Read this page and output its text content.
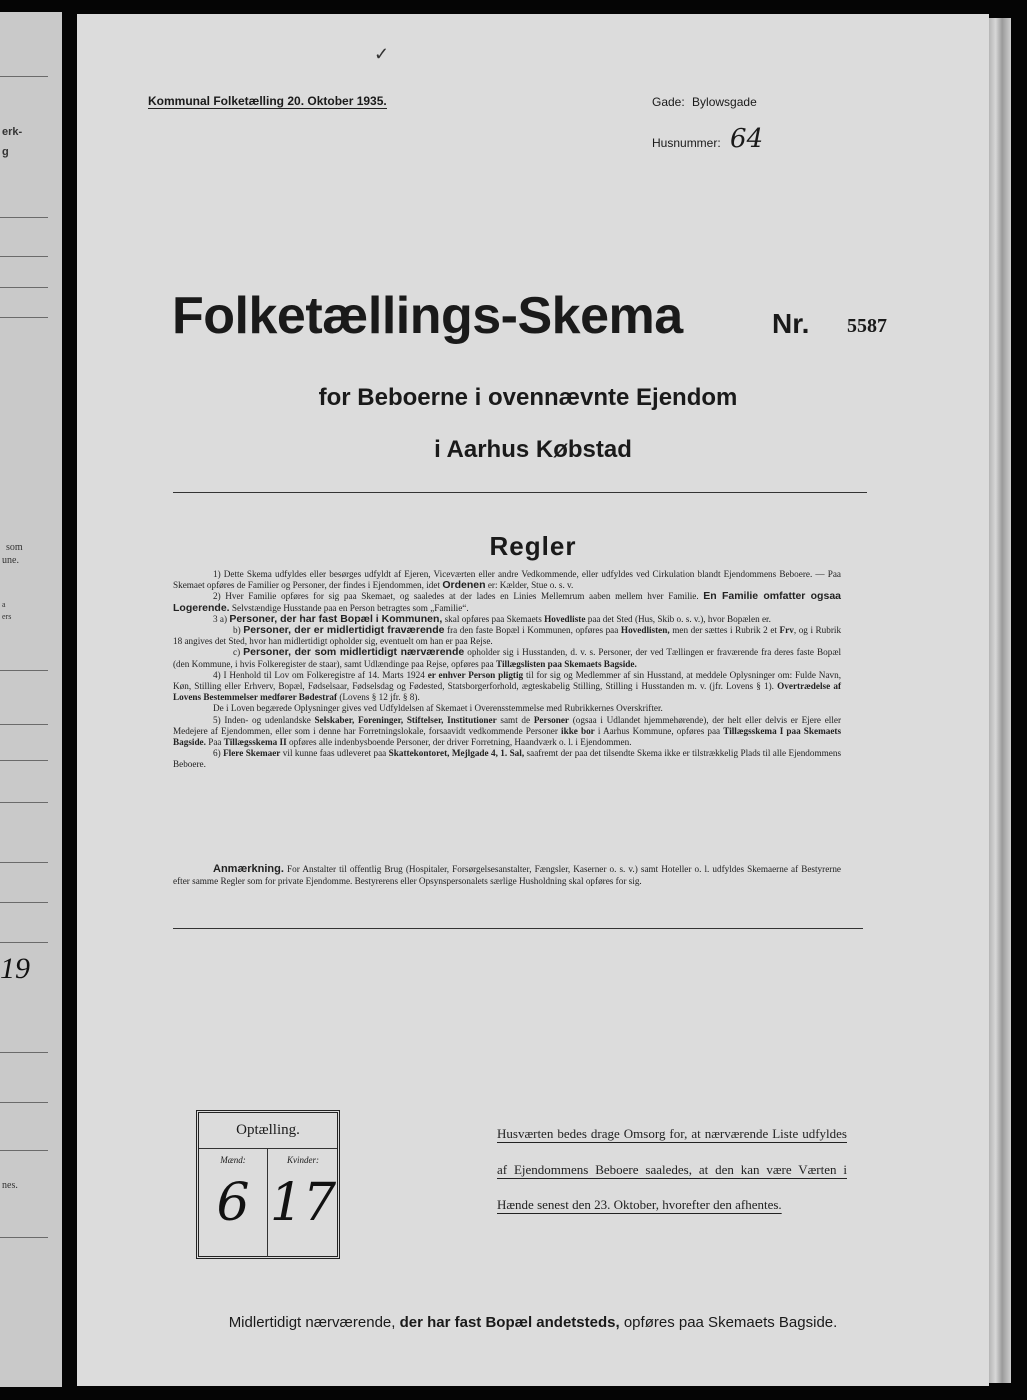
erk-
g
som
une.
a
ers
19
nes.
✓
Kommunal Folketælling 20. Oktober 1935.	Gade: Bylowsgade
Husnummer: 64
Folketællings-Skema	Nr. 5587
for Beboerne i ovennævnte Ejendom
i Aarhus Købstad
Regler

1) Dette Skema udfyldes eller besørges udfyldt af Ejeren, Viceværten eller andre Vedkommende, eller udfyldes ved Cirkulation blandt Ejendommens Beboere. — Paa Skemaet opføres de Familier og Personer, der findes i Ejendommen, idet Ordenen er: Kælder, Stue o. s. v.

2) Hver Familie opføres for sig paa Skemaet, og saaledes at der lades en Linies Mellemrum aaben mellem hver Familie. En Familie omfatter ogsaa Logerende. Selvstændige Husstande paa en Person betragtes som „Familie“.

3 a) Personer, der har fast Bopæl i Kommunen, skal opføres paa Skemaets Hovedliste paa det Sted (Hus, Skib o. s. v.), hvor Bopælen er.

b) Personer, der er midlertidigt fraværende fra den faste Bopæl i Kommunen, opføres paa Hovedlisten, men der sættes i Rubrik 2 et Frv, og i Rubrik 18 angives det Sted, hvor han midlertidigt opholder sig, eventuelt om han er paa Rejse.

c) Personer, der som midlertidigt nærværende opholder sig i Husstanden, d. v. s. Personer, der ved Tællingen er fraværende fra deres faste Bopæl (den Kommune, i hvis Folkeregister de staar), samt Udlændinge paa Rejse, opføres paa Tillægslisten paa Skemaets Bagside.

4) I Henhold til Lov om Folkeregistre af 14. Marts 1924 er enhver Person pligtig til for sig og Medlemmer af sin Husstand, at meddele Oplysninger om: Fulde Navn, Køn, Stilling eller Erhverv, Bopæl, Fødselsaar, Fødselsdag og Fødested, Statsborgerforhold, ægteskabelig Stilling, Stilling i Husstanden m. v. (jfr. Lovens § 1). Overtrædelse af Lovens Bestemmelser medfører Bødestraf (Lovens § 12 jfr. § 8).

De i Loven begærede Oplysninger gives ved Udfyldelsen af Skemaet i Overensstemmelse med Rubrikkernes Overskrifter.

5) Inden- og udenlandske Selskaber, Foreninger, Stiftelser, Institutioner samt de Personer (ogsaa i Udlandet hjemmehørende), der helt eller delvis er Ejere eller Medejere af Ejendommen, eller som i denne har Forretningslokale, forsaavidt vedkommende Personer ikke bor i Aarhus Kommune, opføres paa Tillægsskema I paa Skemaets Bagside. Paa Tillægsskema II opføres alle indenbysboende Personer, der driver Forretning, Haandværk o. l. i Ejendommen.

6) Flere Skemaer vil kunne faas udleveret paa Skattekontoret, Mejlgade 4, 1. Sal, saafremt der paa det tilsendte Skema ikke er tilstrækkelig Plads til alle Ejendommens Beboere.

Anmærkning. For Anstalter til offentlig Brug (Hospitaler, Forsørgelsesanstalter, Fængsler, Kaserner o. s. v.) samt Hoteller o. l. udfyldes Skemaerne af Bestyrerne efter samme Regler som for private Ejendomme. Bestyrerens eller Opsynspersonalets særlige Husholdning skal opføres for sig.
Optælling.
Mænd:
6
Kvinder:
17
Husværten bedes drage Omsorg for, at nærværende Liste udfyldes af Ejendommens Beboere saaledes, at den kan være Værten i Hænde senest den 23. Oktober, hvorefter den afhentes.
Midlertidigt nærværende, der har fast Bopæl andetsteds, opføres paa Skemaets Bagside.
